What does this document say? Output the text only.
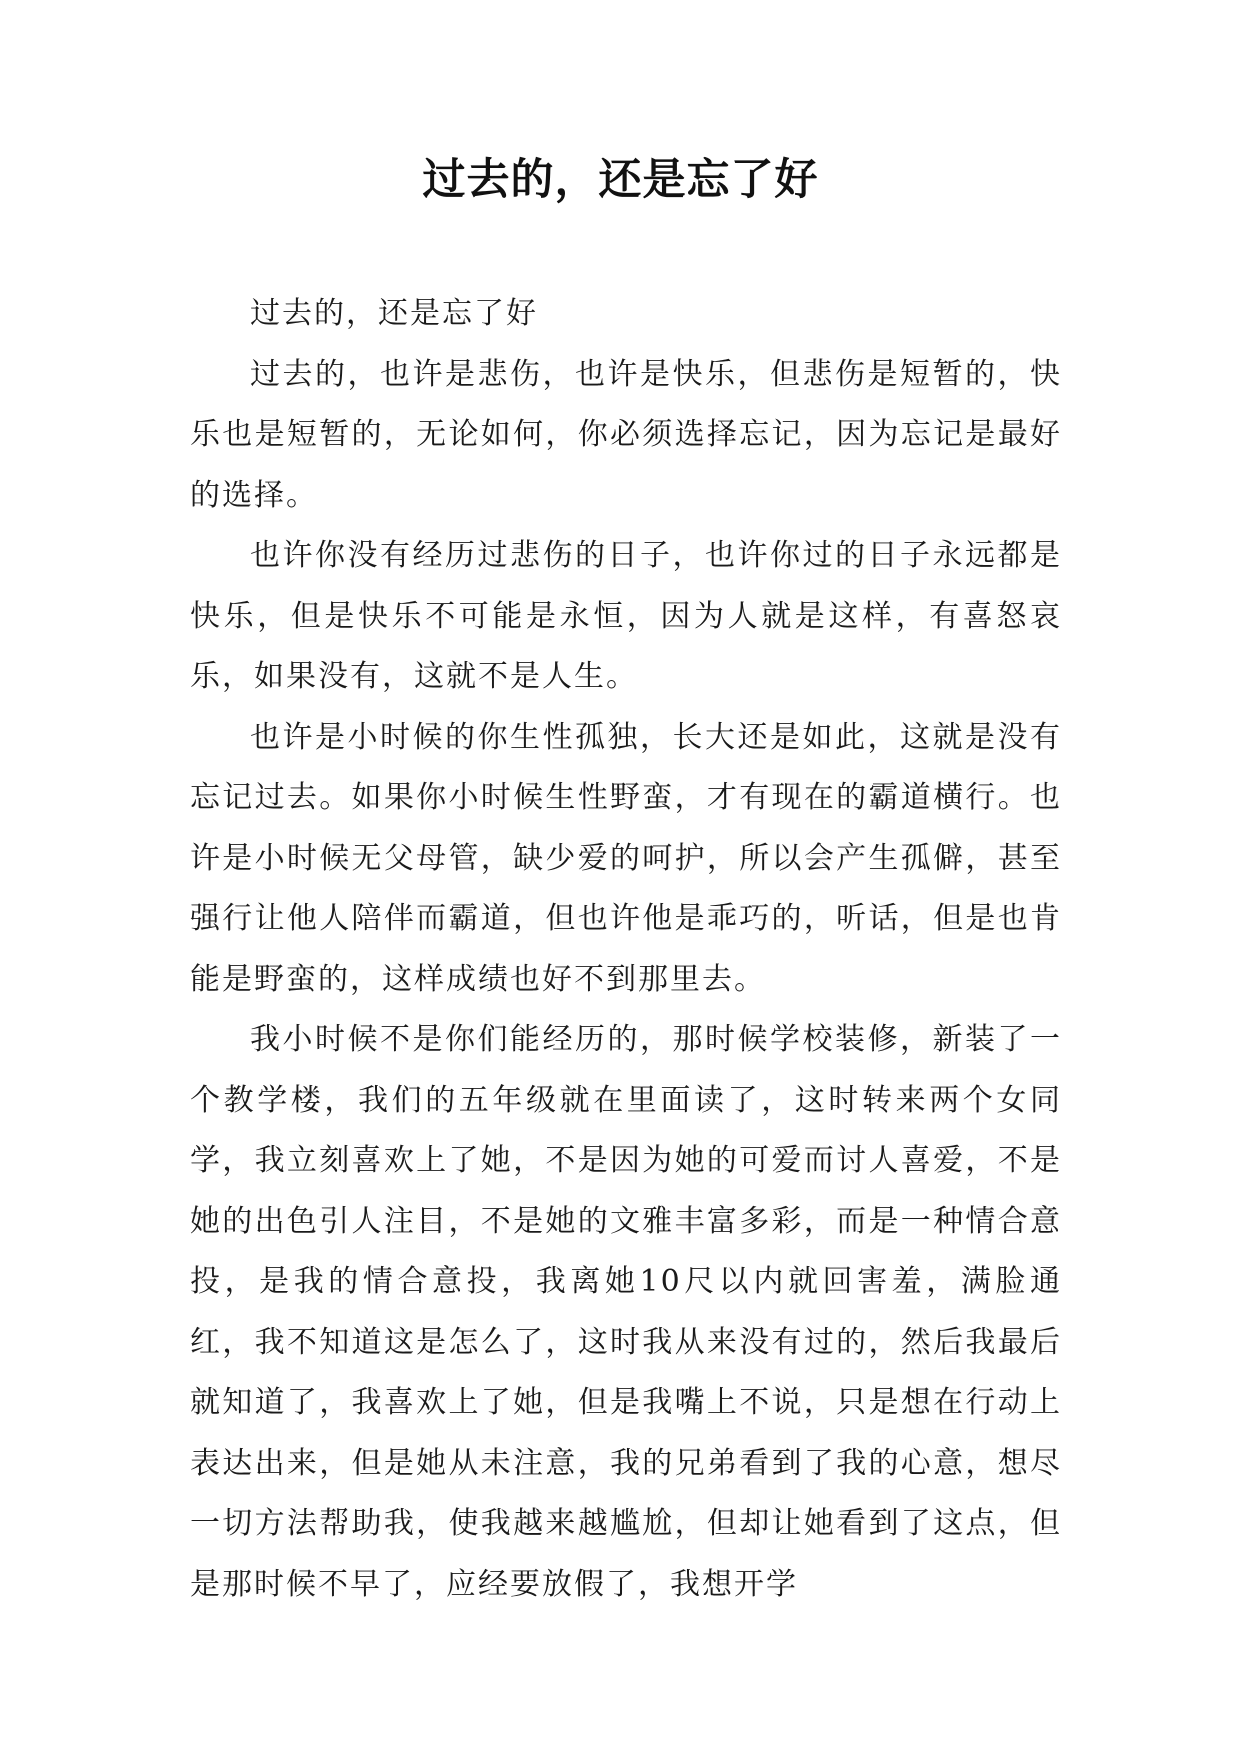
过去的，还是忘了好

过去的，还是忘了好

过去的，也许是悲伤，也许是快乐，但悲伤是短暂的，快乐也是短暂的，无论如何，你必须选择忘记，因为忘记是最好的选择。

也许你没有经历过悲伤的日子，也许你过的日子永远都是快乐，但是快乐不可能是永恒，因为人就是这样，有喜怒哀乐，如果没有，这就不是人生。

也许是小时候的你生性孤独，长大还是如此，这就是没有忘记过去。如果你小时候生性野蛮，才有现在的霸道横行。也许是小时候无父母管，缺少爱的呵护，所以会产生孤僻，甚至强行让他人陪伴而霸道，但也许他是乖巧的，听话，但是也肯能是野蛮的，这样成绩也好不到那里去。

我小时候不是你们能经历的，那时候学校装修，新装了一个教学楼，我们的五年级就在里面读了，这时转来两个女同学，我立刻喜欢上了她，不是因为她的可爱而讨人喜爱，不是她的出色引人注目，不是她的文雅丰富多彩，而是一种情合意投，是我的情合意投，我离她10尺以内就回害羞，满脸通红，我不知道这是怎么了，这时我从来没有过的，然后我最后就知道了，我喜欢上了她，但是我嘴上不说，只是想在行动上表达出来，但是她从未注意，我的兄弟看到了我的心意，想尽一切方法帮助我，使我越来越尴尬，但却让她看到了这点，但是那时候不早了，应经要放假了，我想开学
